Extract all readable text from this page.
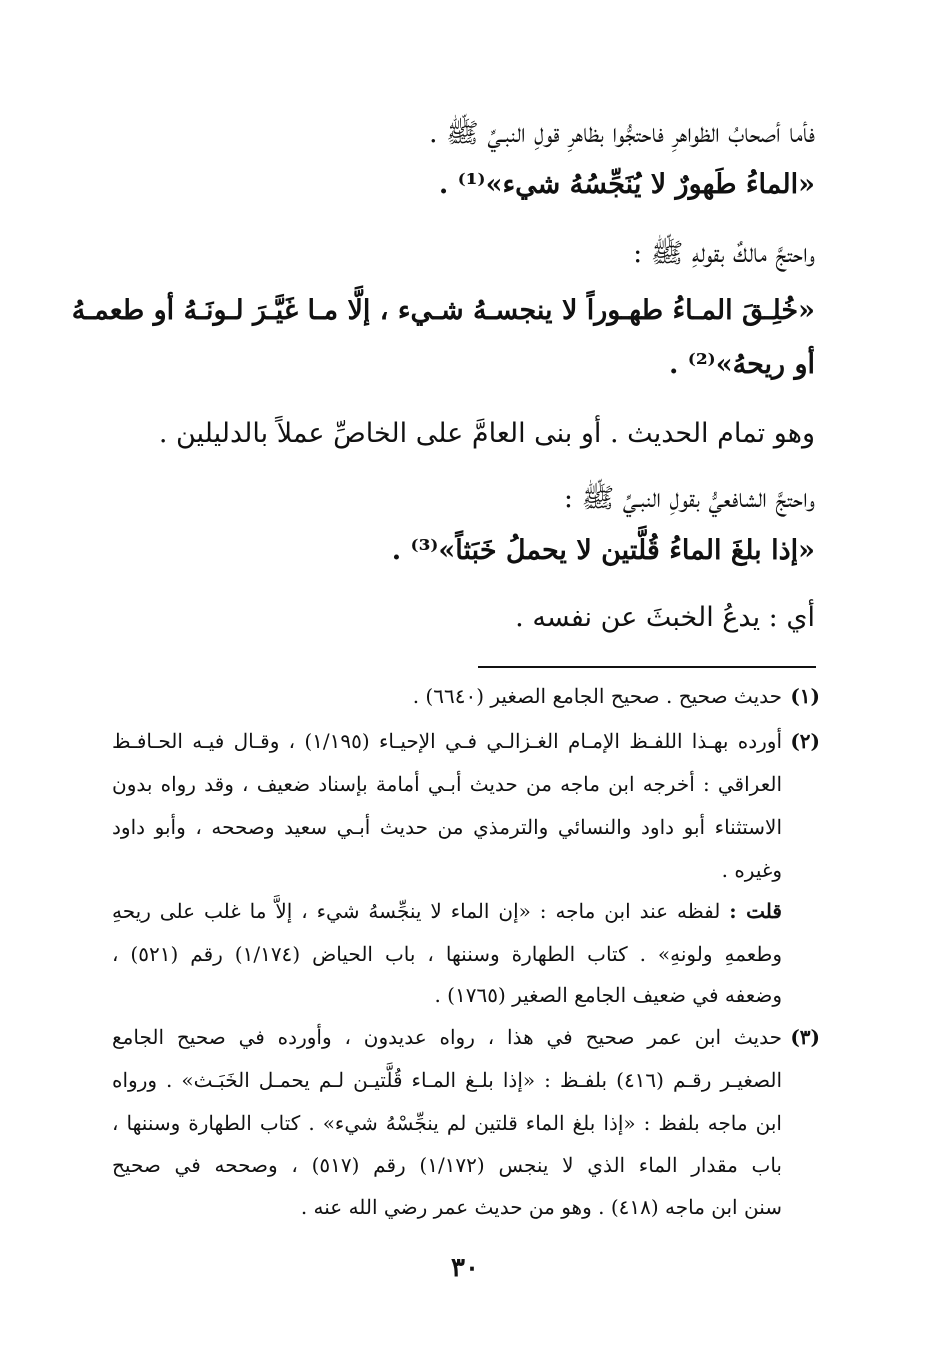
فأما أصحابُ الظواهرِ فاحتجُّوا بظاهرِ قولِ النبـيِّ ﷺ .
«الماءُ طَهورٌ لا يُنَجِّسُهُ شيء»⁽¹⁾ .
واحتجَّ مالكٌ بقولهِ ﷺ :
«خُلِـقَ المـاءُ طهـوراً لا ينجسـهُ شـيء ، إلَّا مـا غَيَّـرَ لـونَـهُ أو طعمـهُ
أو ريحهُ»⁽²⁾ .
وهو تمام الحديث . أو بنى العامَّ على الخاصِّ عملاً بالدليلين .
واحتجَّ الشافعيُّ بقولِ النبـيِّ ﷺ :
«إذا بلغَ الماءُ قُلَّتين لا يحملُ خَبَثاً»⁽³⁾ .
أي : يدعُ الخبثَ عن نفسه .
(١)
حديث صحيح . صحيح الجامع الصغير (٦٦٤٠) .
(٢)
أورده بهـذا اللفـظ الإمـام الغـزالـي فـي الإحيـاء (١/١٩٥) ، وقـال فيـه الحـافـظ
العراقي : أخرجه ابن ماجه من حديث أبـي أمامة بإسناد ضعيف ، وقد رواه بدون
الاستثناء أبو داود والنسائي والترمذي من حديث أبـي سعيد وصححه ، وأبو داود
وغيره .
قلت : لفظه عند ابن ماجه : «إن الماء لا ينجِّسهُ شيء ، إلاَّ ما غلب على ريحهِ
وطعمهِ ولونهِ» . كتاب الطهارة وسننها ، باب الحياض (١/١٧٤) رقم (٥٢١) ،
وضعفه في ضعيف الجامع الصغير (١٧٦٥) .
(٣)
حديث ابن عمر صحيح في هذا ، رواه عديدون ، وأورده في صحيح الجامع
الصغيـر رقـم (٤١٦) بلفـظ : «إذا بلـغ المـاء قُلَّتيـن لـم يحمـل الخَبَـث» . ورواه
ابن ماجه بلفظ : «إذا بلغ الماء قلتين لم ينجِّسْهُ شيء» . كتاب الطهارة وسننها ،
باب مقدار الماء الذي لا ينجس (١/١٧٢) رقم (٥١٧) ، وصححه في صحيح
سنن ابن ماجه (٤١٨) . وهو من حديث عمر رضي الله عنه .
٣٠
